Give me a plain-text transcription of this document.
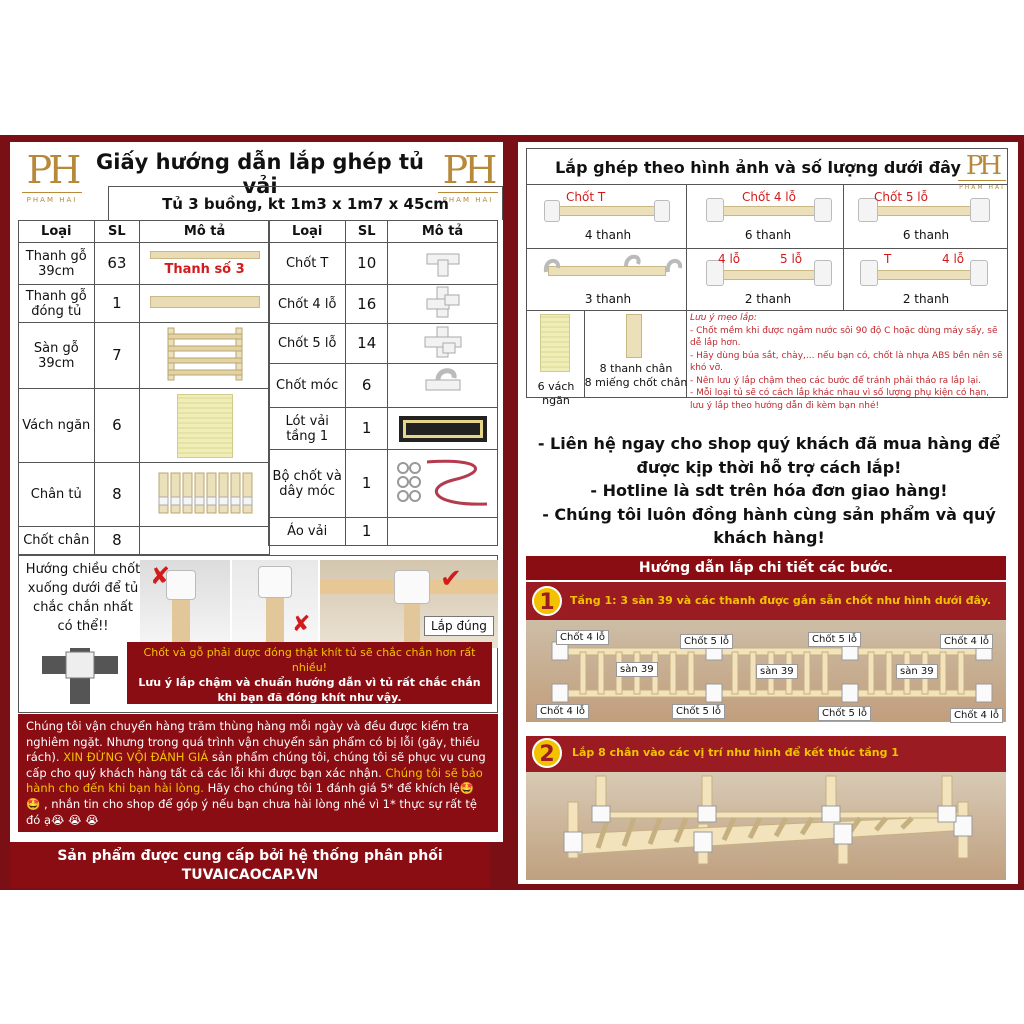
PH
PHAM HAI
PH
PHAM HAI
Giấy hướng dẫn lắp ghép tủ vải
Tủ 3 buồng, kt 1m3 x 1m7 x 45cm
Loại	SL	Mô tả
Thanh gỗ 39cm	63	Thanh số 3
Thanh gỗ đóng tủ	1	
Sàn gỗ 39cm	7	
Vách ngăn	6	

Chân tủ	8	
Chốt chân	8	
Loại	SL	Mô tả
Chốt T	10	
Chốt 4 lỗ	16	
Chốt 5 lỗ	14	
Chốt móc	6	
Lót vải tầng 1	1	

Bộ chốt và dây móc	1	
Áo vải	1	
Hướng chiều chốt xuống dưới để tủ chắc chắn nhất có thể!!
✘
✘
✔
Lắp đúng
Chốt và gỗ phải được đóng thật khít tủ sẽ chắc chắn hơn rất nhiều!
Lưu ý lắp chậm và chuẩn hướng dẫn vì tủ rất chắc chắn khi bạn đã đóng khít như vậy.
Chúng tôi vận chuyển hàng trăm thùng hàng mỗi ngày và đều được kiểm tra nghiêm ngặt. Nhưng trong quá trình vận chuyển sản phẩm có bị lỗi (gãy, thiếu rách). XIN ĐỪNG VỘI ĐÁNH GIÁ sản phẩm chúng tôi, chúng tôi sẽ phục vụ cung cấp cho quý khách hàng tất cả các lỗi khi được bạn xác nhận. Chúng tôi sẽ bảo hành cho đến khi bạn hài lòng. Hãy cho chúng tôi 1 đánh giá 5* để khích lệ🤩 🤩 , nhắn tin cho shop để góp ý nếu bạn chưa hài lòng nhé vì 1* thực sự rất tệ đó ạ😭 😭 😭
Sản phẩm được cung cấp bởi hệ thống phân phối
TUVAICAOCAP.VN
Lắp ghép theo hình ảnh và số lượng dưới đây PH
PHAM HAI
Chốt T
4 thanh
Chốt 4 lỗ
6 thanh
Chốt 5 lỗ
6 thanh
3 thanh
4 lỗ	5 lỗ
2 thanh
T	4 lỗ
2 thanh
6 vách ngăn
8 thanh chân
8 miếng chốt chân
Lưu ý mẹo lắp:
- Chốt mềm khi được ngâm nước sôi 90 độ C hoặc dùng máy sấy, sẽ dễ lắp hơn.
- Hãy dùng búa sắt, chày,... nếu bạn có, chốt là nhựa ABS bền nên sẽ khó vỡ.
- Nên lưu ý lắp chậm theo các bước để tránh phải tháo ra lắp lại.
- Mỗi loại tủ sẽ có cách lắp khác nhau vì số lượng phụ kiện có hạn, lưu ý lắp theo hướng dẫn đi kèm bạn nhé!
- Liên hệ ngay cho shop quý khách đã mua hàng để được kịp thời hỗ trợ cách lắp!
- Hotline là sdt trên hóa đơn giao hàng!
- Chúng tôi luôn đồng hành cùng sản phẩm và quý khách hàng!
Hướng dẫn lắp chi tiết các bước.
1	Tầng 1: 3 sàn 39 và các thanh được gắn sẵn chốt như hình dưới đây.
Chốt 4 lỗ	Chốt 5 lỗ	Chốt 5 lỗ	Chốt 4 lỗ
Chốt 4 lỗ	Chốt 5 lỗ	Chốt 5 lỗ	Chốt 4 lỗ
sàn 39	sàn 39	sàn 39
2	Lắp 8 chân vào các vị trí như hình để kết thúc tầng 1
